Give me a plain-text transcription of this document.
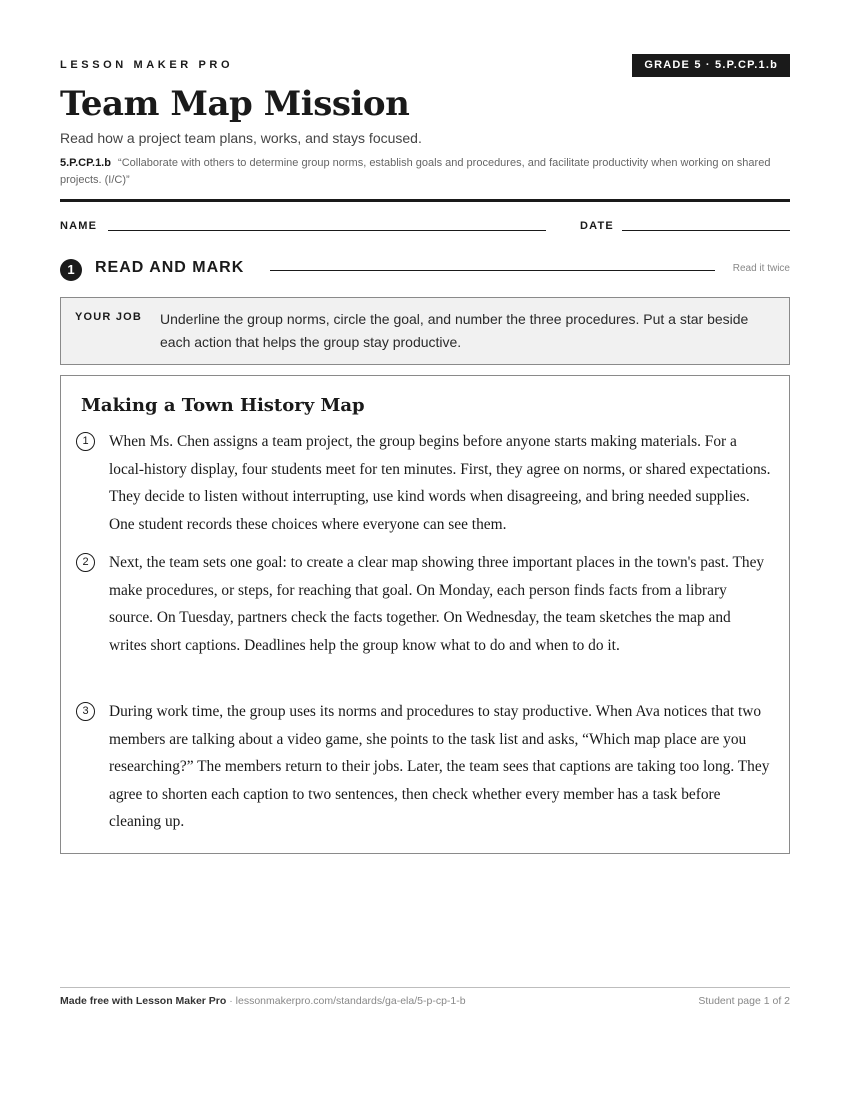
LESSON MAKER PRO	GRADE 5 · 5.P.CP.1.b
Team Map Mission
Read how a project team plans, works, and stays focused.
5.P.CP.1.b “Collaborate with others to determine group norms, establish goals and procedures, and facilitate productivity when working on shared projects. (I/C)”
NAME	DATE
1	READ AND MARK	Read it twice
YOUR JOB Underline the group norms, circle the goal, and number the three procedures. Put a star beside each action that helps the group stay productive.
Making a Town History Map
1	When Ms. Chen assigns a team project, the group begins before anyone starts making materials. For a local-history display, four students meet for ten minutes. First, they agree on norms, or shared expectations. They decide to listen without interrupting, use kind words when disagreeing, and bring needed supplies. One student records these choices where everyone can see them.

2	Next, the team sets one goal: to create a clear map showing three important places in the town's past. They make procedures, or steps, for reaching that goal. On Monday, each person finds facts from a library source. On Tuesday, partners check the facts together. On Wednesday, the team sketches the map and writes short captions. Deadlines help the group know what to do and when to do it.

3	During work time, the group uses its norms and procedures to stay productive. When Ava notices that two members are talking about a video game, she points to the task list and asks, “Which map place are you researching?” The members return to their jobs. Later, the team sees that captions are taking too long. They agree to shorten each caption to two sentences, then check whether every member has a task before cleaning up.

Made free with Lesson Maker Pro · lessonmakerpro.com/standards/ga-ela/5-p-cp-1-b	Student page 1 of 2
